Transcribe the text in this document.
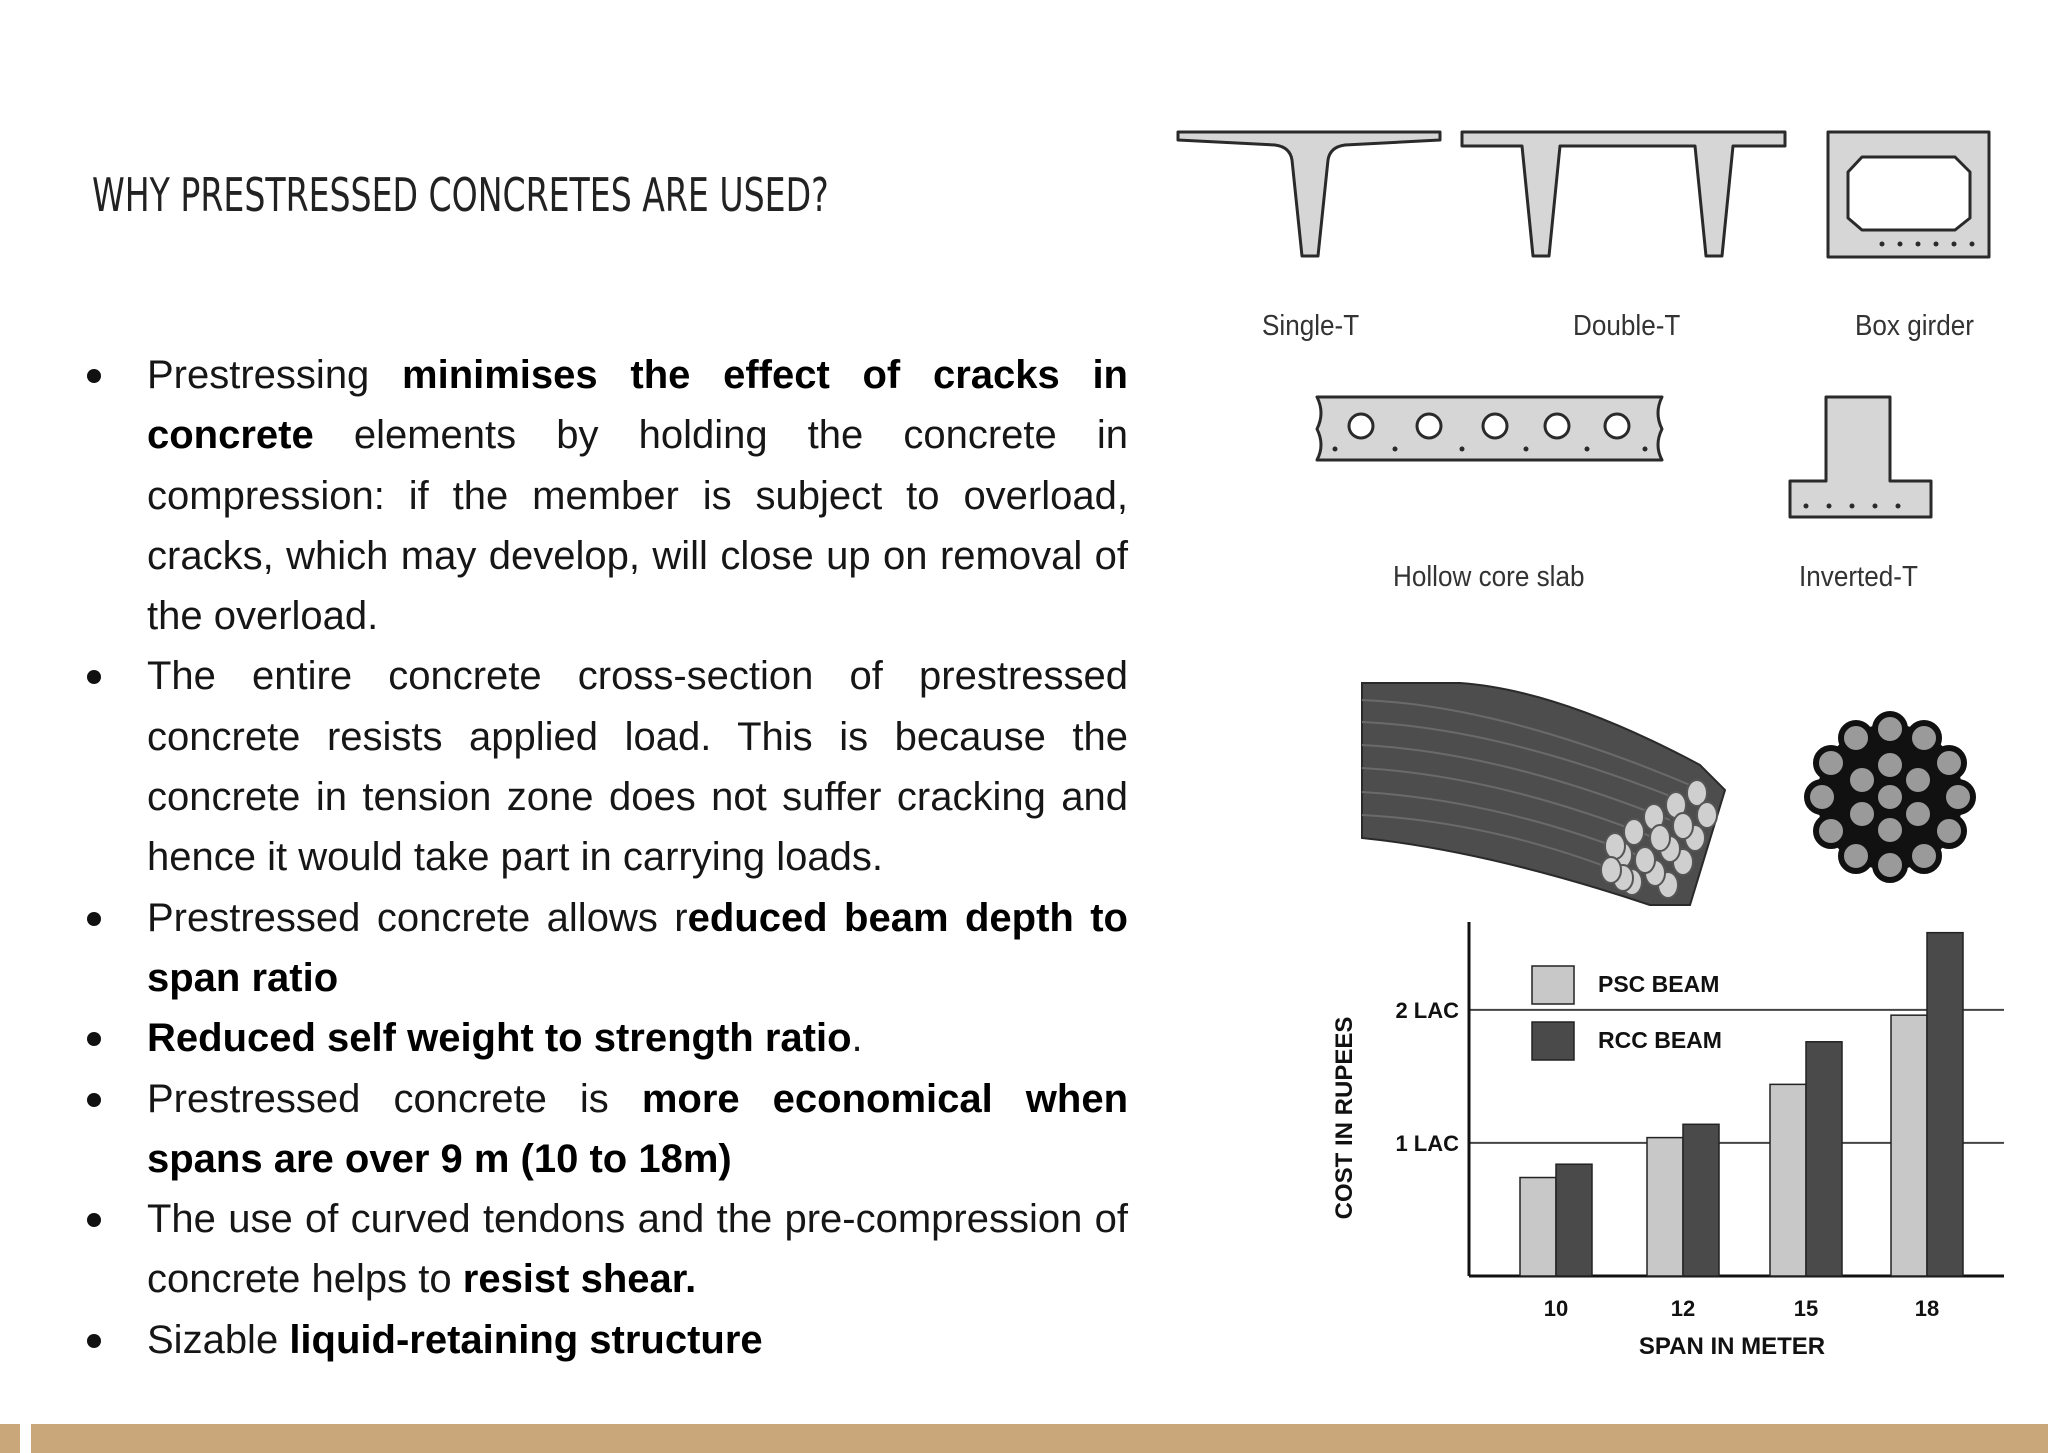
WHY PRESTRESSED CONCRETES ARE USED?
Prestressing minimises the effect of cracks in concrete elements by holding the concrete in compression: if the member is subject to overload, cracks, which may develop, will close up on removal of the overload.
The entire concrete cross-section of prestressed concrete resists applied load. This is because the concrete in tension zone does not suffer cracking and hence it would take part in carrying loads.
Prestressed concrete allows reduced beam depth to span ratio
Reduced self weight to strength ratio.
Prestressed concrete is more economical when spans are over 9 m (10 to 18m)
The use of curved tendons and the pre-compression of concrete helps to resist shear.
Sizable liquid-retaining structure
Single-T	Double-T	Box girder
Hollow core slab	Inverted-T
1 LAC
2 LAC
10	12	15	18
PSC BEAM
RCC BEAM
SPAN IN METER
COST IN RUPEES
